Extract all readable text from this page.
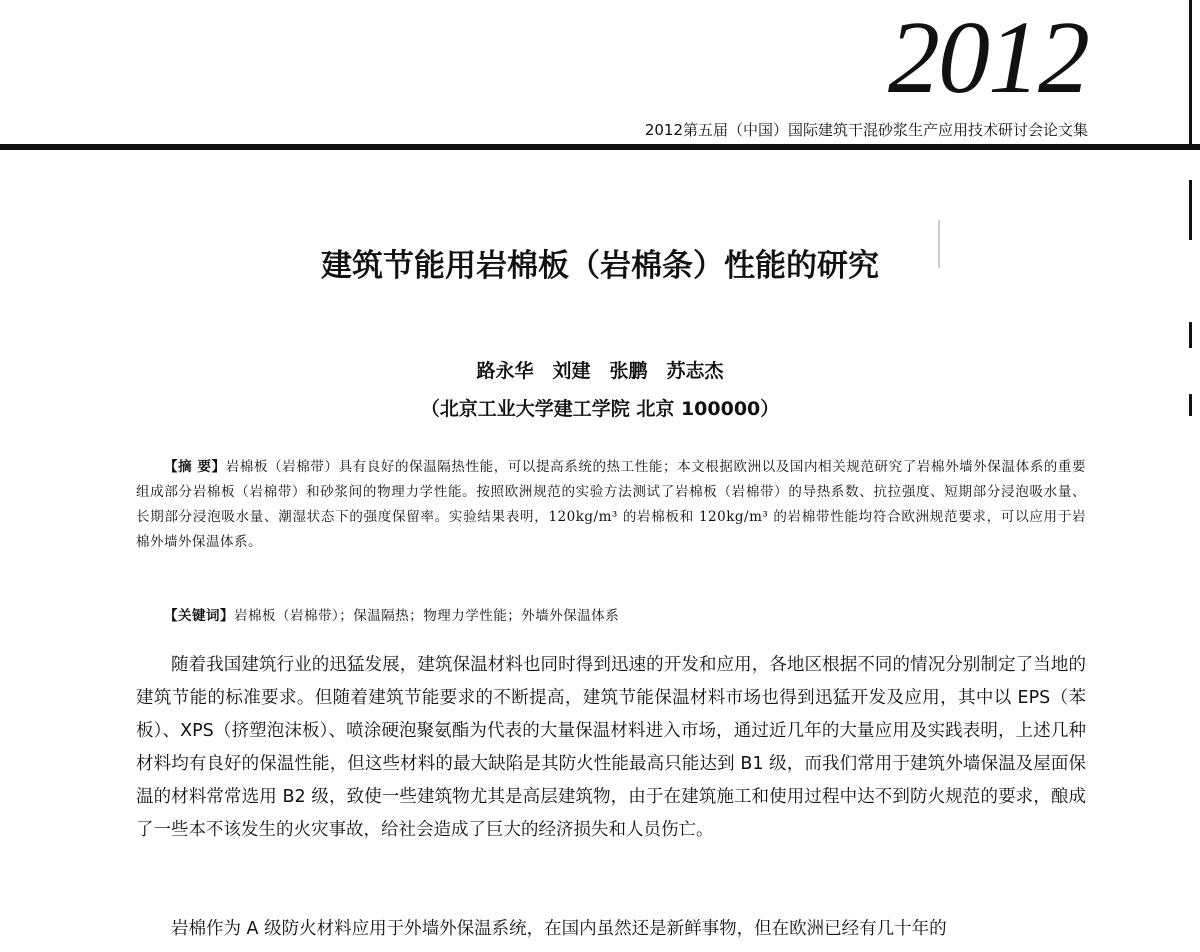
2012
2012第五届（中国）国际建筑干混砂浆生产应用技术研讨会论文集
建筑节能用岩棉板（岩棉条）性能的研究
路永华　刘建　张鹏　苏志杰
（北京工业大学建工学院 北京 100000）

【摘 要】岩棉板（岩棉带）具有良好的保温隔热性能，可以提高系统的热工性能；本文根据欧洲以及国内相关规范研究了岩棉外墙外保温体系的重要组成部分岩棉板（岩棉带）和砂浆间的物理力学性能。按照欧洲规范的实验方法测试了岩棉板（岩棉带）的导热系数、抗拉强度、短期部分浸泡吸水量、长期部分浸泡吸水量、潮湿状态下的强度保留率。实验结果表明，120kg/m³ 的岩棉板和 120kg/m³ 的岩棉带性能均符合欧洲规范要求，可以应用于岩棉外墙外保温体系。

【关键词】岩棉板（岩棉带）；保温隔热；物理力学性能；外墙外保温体系

随着我国建筑行业的迅猛发展，建筑保温材料也同时得到迅速的开发和应用，各地区根据不同的情况分别制定了当地的建筑节能的标准要求。但随着建筑节能要求的不断提高，建筑节能保温材料市场也得到迅猛开发及应用，其中以 EPS（苯板）、XPS（挤塑泡沫板）、喷涂硬泡聚氨酯为代表的大量保温材料进入市场，通过近几年的大量应用及实践表明，上述几种材料均有良好的保温性能，但这些材料的最大缺陷是其防火性能最高只能达到 B1 级，而我们常用于建筑外墙保温及屋面保温的材料常常选用 B2 级，致使一些建筑物尤其是高层建筑物，由于在建筑施工和使用过程中达不到防火规范的要求，酿成了一些本不该发生的火灾事故，给社会造成了巨大的经济损失和人员伤亡。

岩棉作为 A 级防火材料应用于外墙外保温系统，在国内虽然还是新鲜事物，但在欧洲已经有几十年的
